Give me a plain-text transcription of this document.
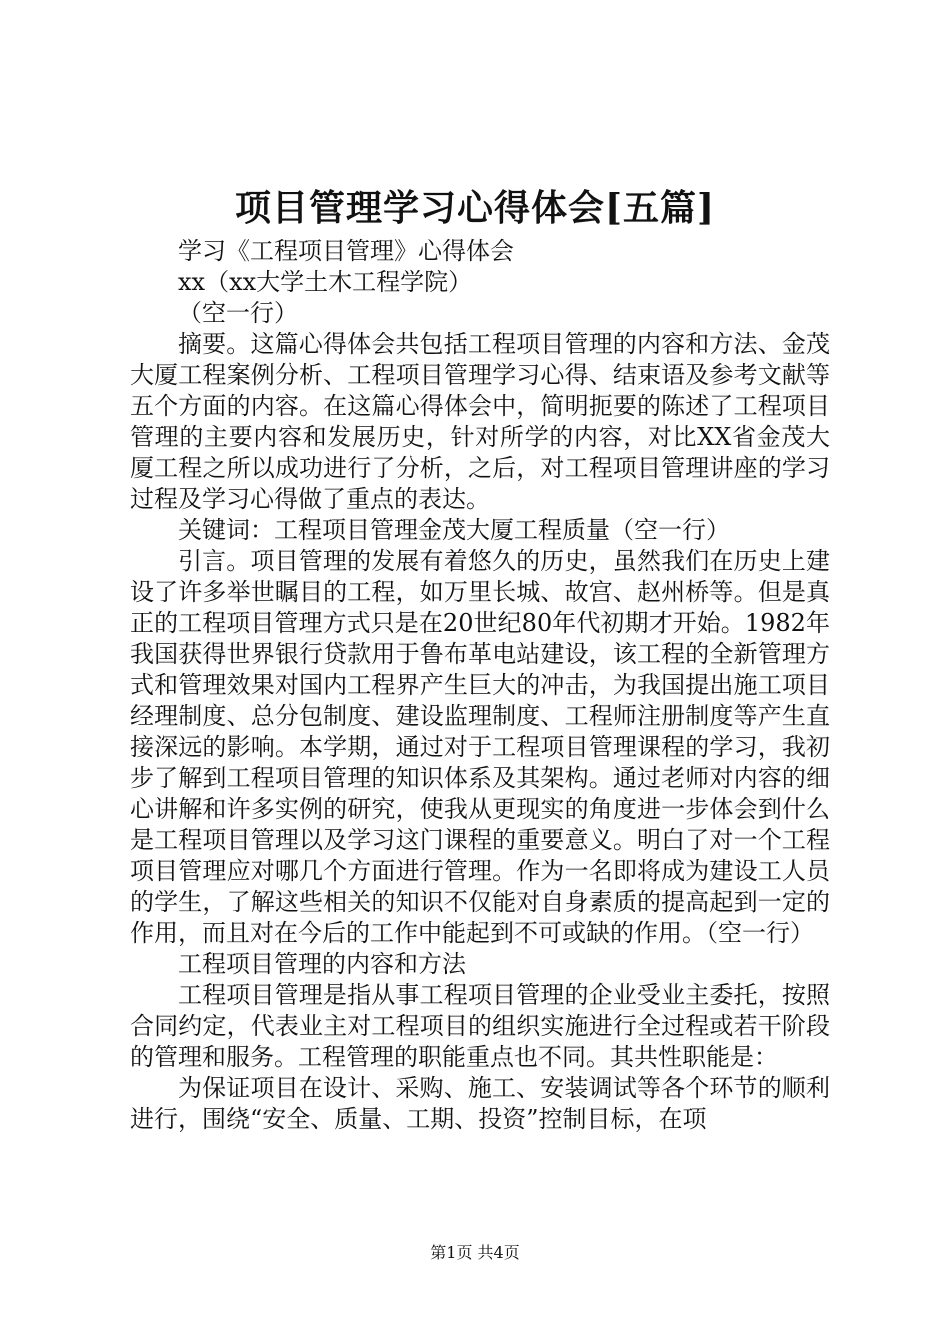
项目管理学习心得体会[五篇]

学习《工程项目管理》心得体会

xx（xx大学土木工程学院）

（空一行）

摘要。这篇心得体会共包括工程项目管理的内容和方法、金茂大厦工程案例分析、工程项目管理学习心得、结束语及参考文献等五个方面的内容。在这篇心得体会中，简明扼要的陈述了工程项目管理的主要内容和发展历史，针对所学的内容，对比XX省金茂大厦工程之所以成功进行了分析，之后，对工程项目管理讲座的学习过程及学习心得做了重点的表达。

关键词：工程项目管理金茂大厦工程质量（空一行）

引言。项目管理的发展有着悠久的历史，虽然我们在历史上建设了许多举世瞩目的工程，如万里长城、故宫、赵州桥等。但是真正的工程项目管理方式只是在20世纪80年代初期才开始。1982年我国获得世界银行贷款用于鲁布革电站建设，该工程的全新管理方式和管理效果对国内工程界产生巨大的冲击，为我国提出施工项目经理制度、总分包制度、建设监理制度、工程师注册制度等产生直接深远的影响。本学期，通过对于工程项目管理课程的学习，我初步了解到工程项目管理的知识体系及其架构。通过老师对内容的细心讲解和许多实例的研究，使我从更现实的角度进一步体会到什么是工程项目管理以及学习这门课程的重要意义。明白了对一个工程项目管理应对哪几个方面进行管理。作为一名即将成为建设工人员的学生，了解这些相关的知识不仅能对自身素质的提高起到一定的作用，而且对在今后的工作中能起到不可或缺的作用。（空一行）

工程项目管理的内容和方法

工程项目管理是指从事工程项目管理的企业受业主委托，按照合同约定，代表业主对工程项目的组织实施进行全过程或若干阶段的管理和服务。工程管理的职能重点也不同。其共性职能是：

为保证项目在设计、采购、施工、安装调试等各个环节的顺利进行，围绕“安全、质量、工期、投资”控制目标，在项

第1页 共4页
